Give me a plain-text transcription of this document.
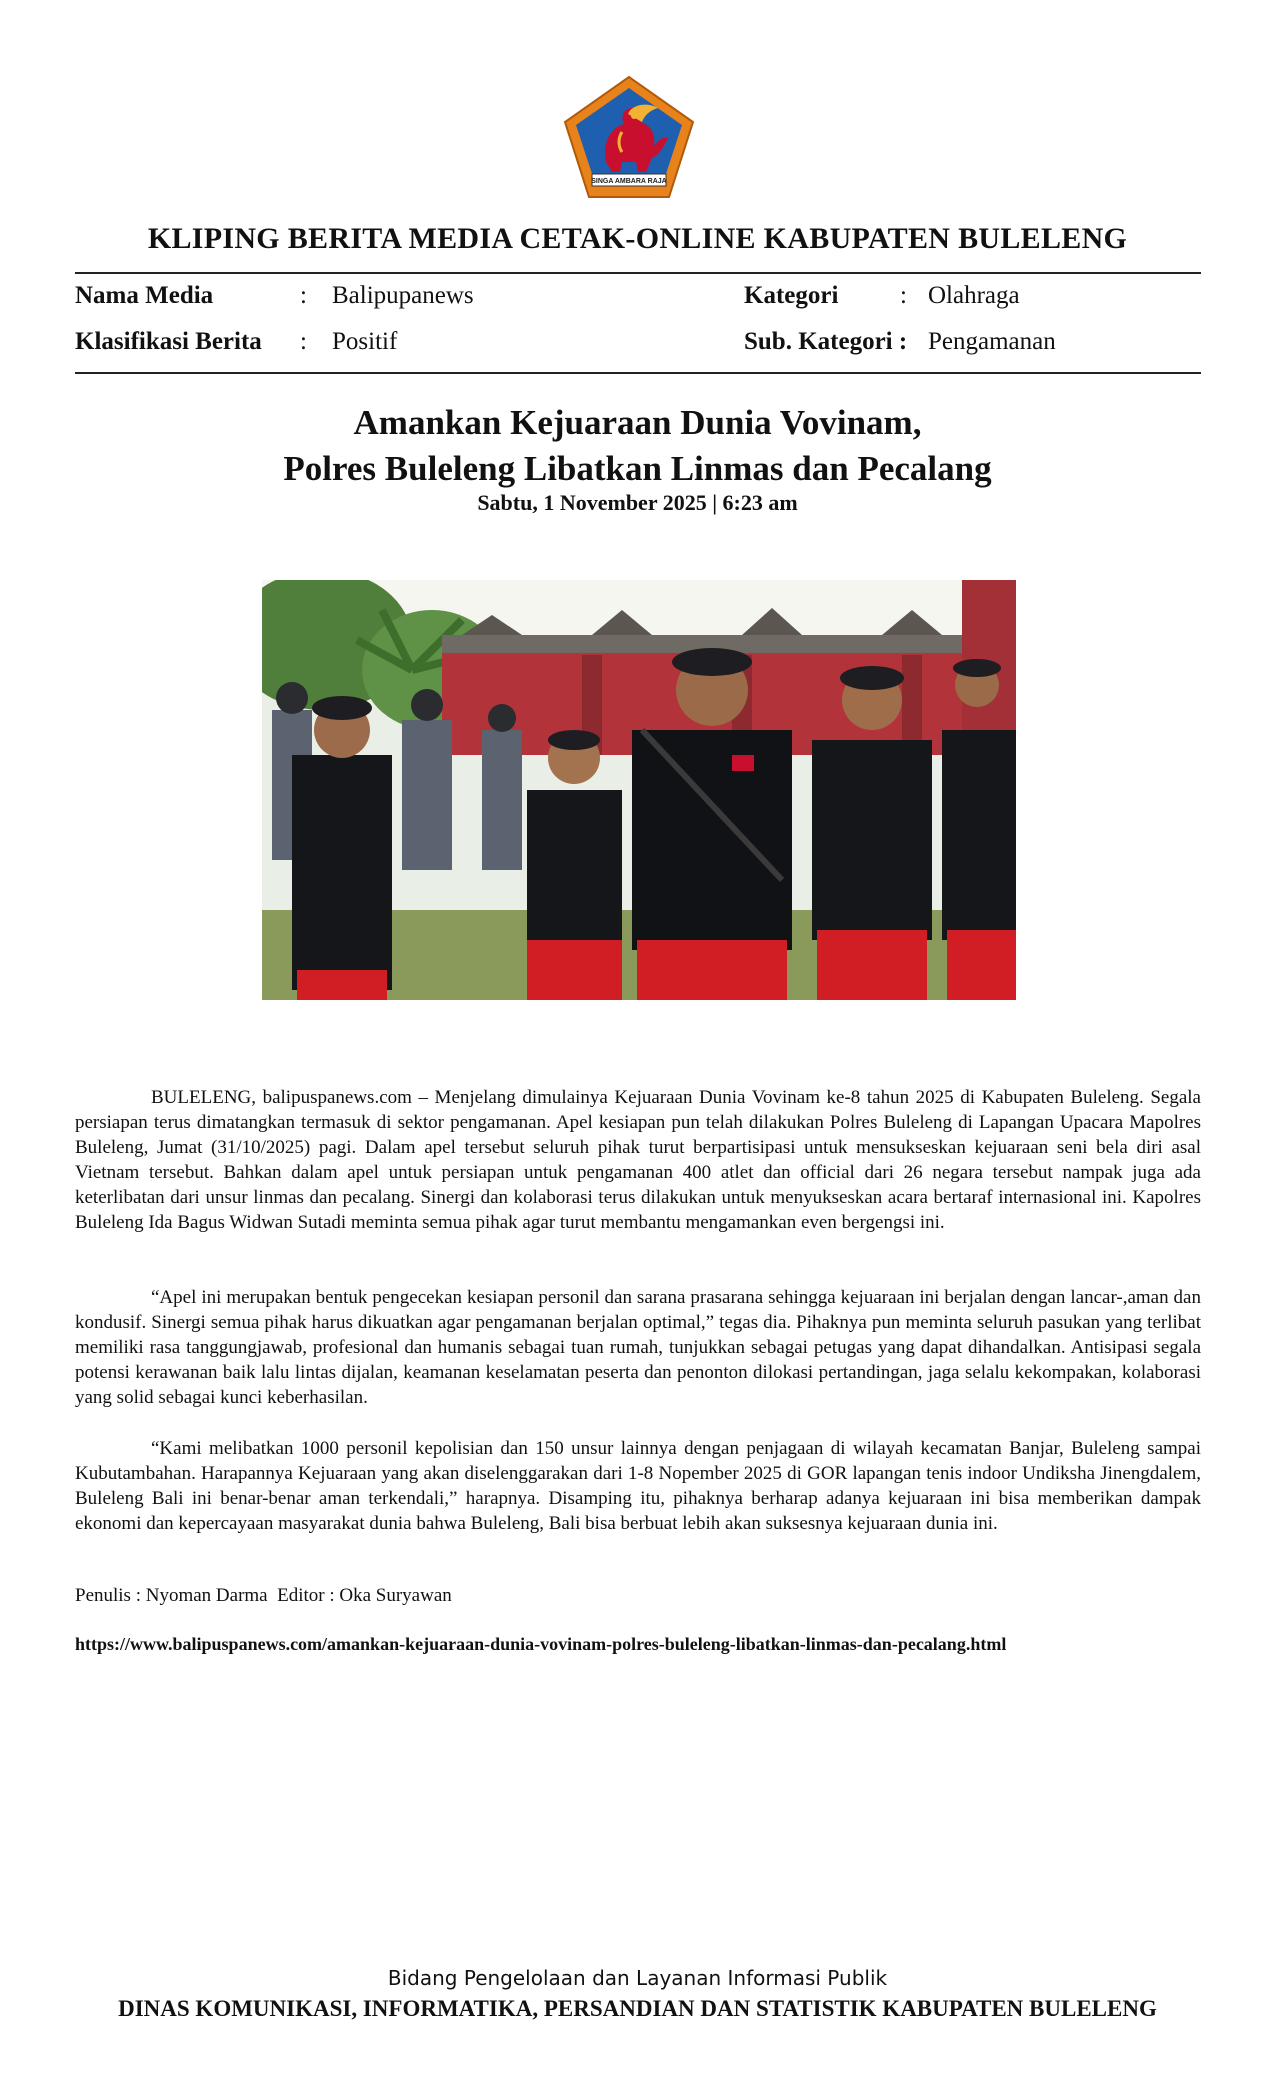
SINGA AMBARA RAJA
KLIPING BERITA MEDIA CETAK-ONLINE KABUPATEN BULELENG
Nama Media	: Balipupanews	Kategori : Olahraga
Klasifikasi Berita : Positif	Sub. Kategori : Pengamanan
Amankan Kejuaraan Dunia Vovinam,
Polres Buleleng Libatkan Linmas dan Pecalang
Sabtu, 1 November 2025 | 6:23 am

BULELENG, balipuspanews.com – Menjelang dimulainya Kejuaraan Dunia Vovinam ke-8 tahun 2025 di Kabupaten Buleleng. Segala persiapan terus dimatangkan termasuk di sektor pengamanan. Apel kesiapan pun telah dilakukan Polres Buleleng di Lapangan Upacara Mapolres Buleleng, Jumat (31/10/2025) pagi. Dalam apel tersebut seluruh pihak turut berpartisipasi untuk mensukseskan kejuaraan seni bela diri asal Vietnam tersebut. Bahkan dalam apel untuk persiapan untuk pengamanan 400 atlet dan official dari 26 negara tersebut nampak juga ada keterlibatan dari unsur linmas dan pecalang. Sinergi dan kolaborasi terus dilakukan untuk menyukseskan acara bertaraf internasional ini. Kapolres Buleleng Ida Bagus Widwan Sutadi meminta semua pihak agar turut membantu mengamankan even bergengsi ini.

“Apel ini merupakan bentuk pengecekan kesiapan personil dan sarana prasarana sehingga kejuaraan ini berjalan dengan lancar-,aman dan kondusif. Sinergi semua pihak harus dikuatkan agar pengamanan berjalan optimal,” tegas dia. Pihaknya pun meminta seluruh pasukan yang terlibat memiliki rasa tanggungjawab, profesional dan humanis sebagai tuan rumah, tunjukkan sebagai petugas yang dapat dihandalkan. Antisipasi segala potensi kerawanan baik lalu lintas dijalan, keamanan keselamatan peserta dan penonton dilokasi pertandingan, jaga selalu kekompakan, kolaborasi yang solid sebagai kunci keberhasilan.

“Kami melibatkan 1000 personil kepolisian dan 150 unsur lainnya dengan penjagaan di wilayah kecamatan Banjar, Buleleng sampai Kubutambahan. Harapannya Kejuaraan yang akan diselenggarakan dari 1-8 Nopember 2025 di GOR lapangan tenis indoor Undiksha Jinengdalem, Buleleng Bali ini benar-benar aman terkendali,” harapnya. Disamping itu, pihaknya berharap adanya kejuaraan ini bisa memberikan dampak ekonomi dan kepercayaan masyarakat dunia bahwa Buleleng, Bali bisa berbuat lebih akan suksesnya kejuaraan dunia ini.

Penulis : Nyoman Darma  Editor : Oka Suryawan
https://www.balipuspanews.com/amankan-kejuaraan-dunia-vovinam-polres-buleleng-libatkan-linmas-dan-pecalang.html
Bidang Pengelolaan dan Layanan Informasi Publik
DINAS KOMUNIKASI, INFORMATIKA, PERSANDIAN DAN STATISTIK KABUPATEN BULELENG
